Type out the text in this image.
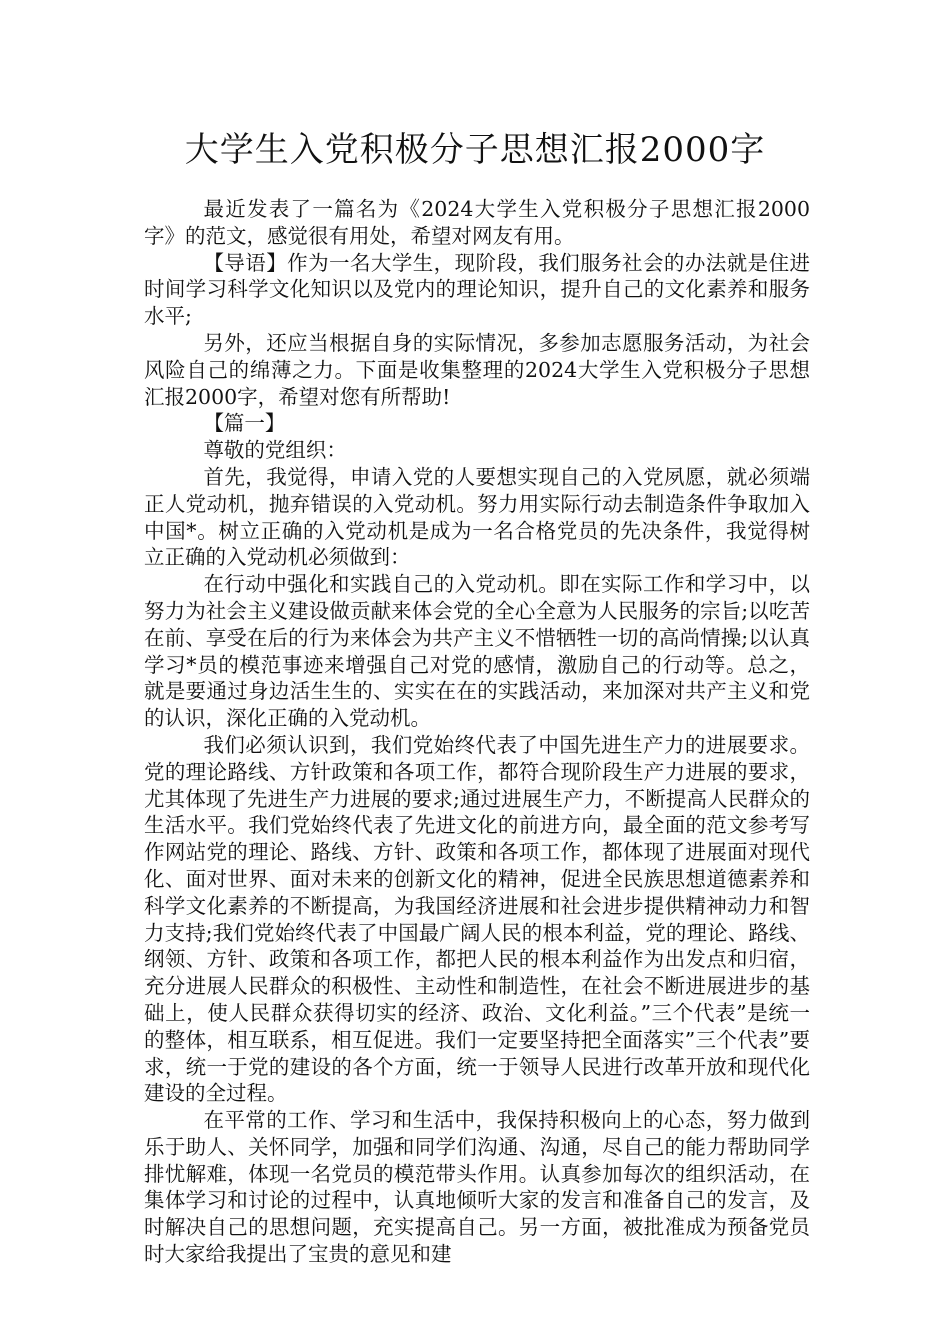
大学生入党积极分子思想汇报2000字

最近发表了一篇名为《2024大学生入党积极分子思想汇报2000字》的范文，感觉很有用处，希望对网友有用。

【导语】作为一名大学生，现阶段，我们服务社会的办法就是住进时间学习科学文化知识以及党内的理论知识，提升自己的文化素养和服务水平;

另外，还应当根据自身的实际情况，多参加志愿服务活动，为社会风险自己的绵薄之力。下面是收集整理的2024大学生入党积极分子思想汇报2000字，希望对您有所帮助!

【篇一】

尊敬的党组织：

首先，我觉得，申请入党的人要想实现自己的入党夙愿，就必须端正人党动机，抛弃错误的入党动机。努力用实际行动去制造条件争取加入中国*。树立正确的入党动机是成为一名合格党员的先决条件，我觉得树立正确的入党动机必须做到：

在行动中强化和实践自己的入党动机。即在实际工作和学习中，以努力为社会主义建设做贡献来体会党的全心全意为人民服务的宗旨;以吃苦在前、享受在后的行为来体会为共产主义不惜牺牲一切的高尚情操;以认真学习*员的模范事迹来增强自己对党的感情，激励自己的行动等。总之，就是要通过身边活生生的、实实在在的实践活动，来加深对共产主义和党的认识，深化正确的入党动机。

我们必须认识到，我们党始终代表了中国先进生产力的进展要求。党的理论路线、方针政策和各项工作，都符合现阶段生产力进展的要求，尤其体现了先进生产力进展的要求;通过进展生产力，不断提高人民群众的生活水平。我们党始终代表了先进文化的前进方向，最全面的范文参考写作网站党的理论、路线、方针、政策和各项工作，都体现了进展面对现代化、面对世界、面对未来的创新文化的精神，促进全民族思想道德素养和科学文化素养的不断提高，为我国经济进展和社会进步提供精神动力和智力支持;我们党始终代表了中国最广阔人民的根本利益，党的理论、路线、纲领、方针、政策和各项工作，都把人民的根本利益作为出发点和归宿，充分进展人民群众的积极性、主动性和制造性，在社会不断进展进步的基础上，使人民群众获得切实的经济、政治、文化利益。”三个代表”是统一的整体，相互联系，相互促进。我们一定要坚持把全面落实”三个代表”要求，统一于党的建设的各个方面，统一于领导人民进行改革开放和现代化建设的全过程。

在平常的工作、学习和生活中，我保持积极向上的心态，努力做到乐于助人、关怀同学，加强和同学们沟通、沟通，尽自己的能力帮助同学排忧解难，体现一名党员的模范带头作用。认真参加每次的组织活动，在集体学习和讨论的过程中，认真地倾听大家的发言和准备自己的发言，及时解决自己的思想问题，充实提高自己。另一方面，被批准成为预备党员时大家给我提出了宝贵的意见和建
